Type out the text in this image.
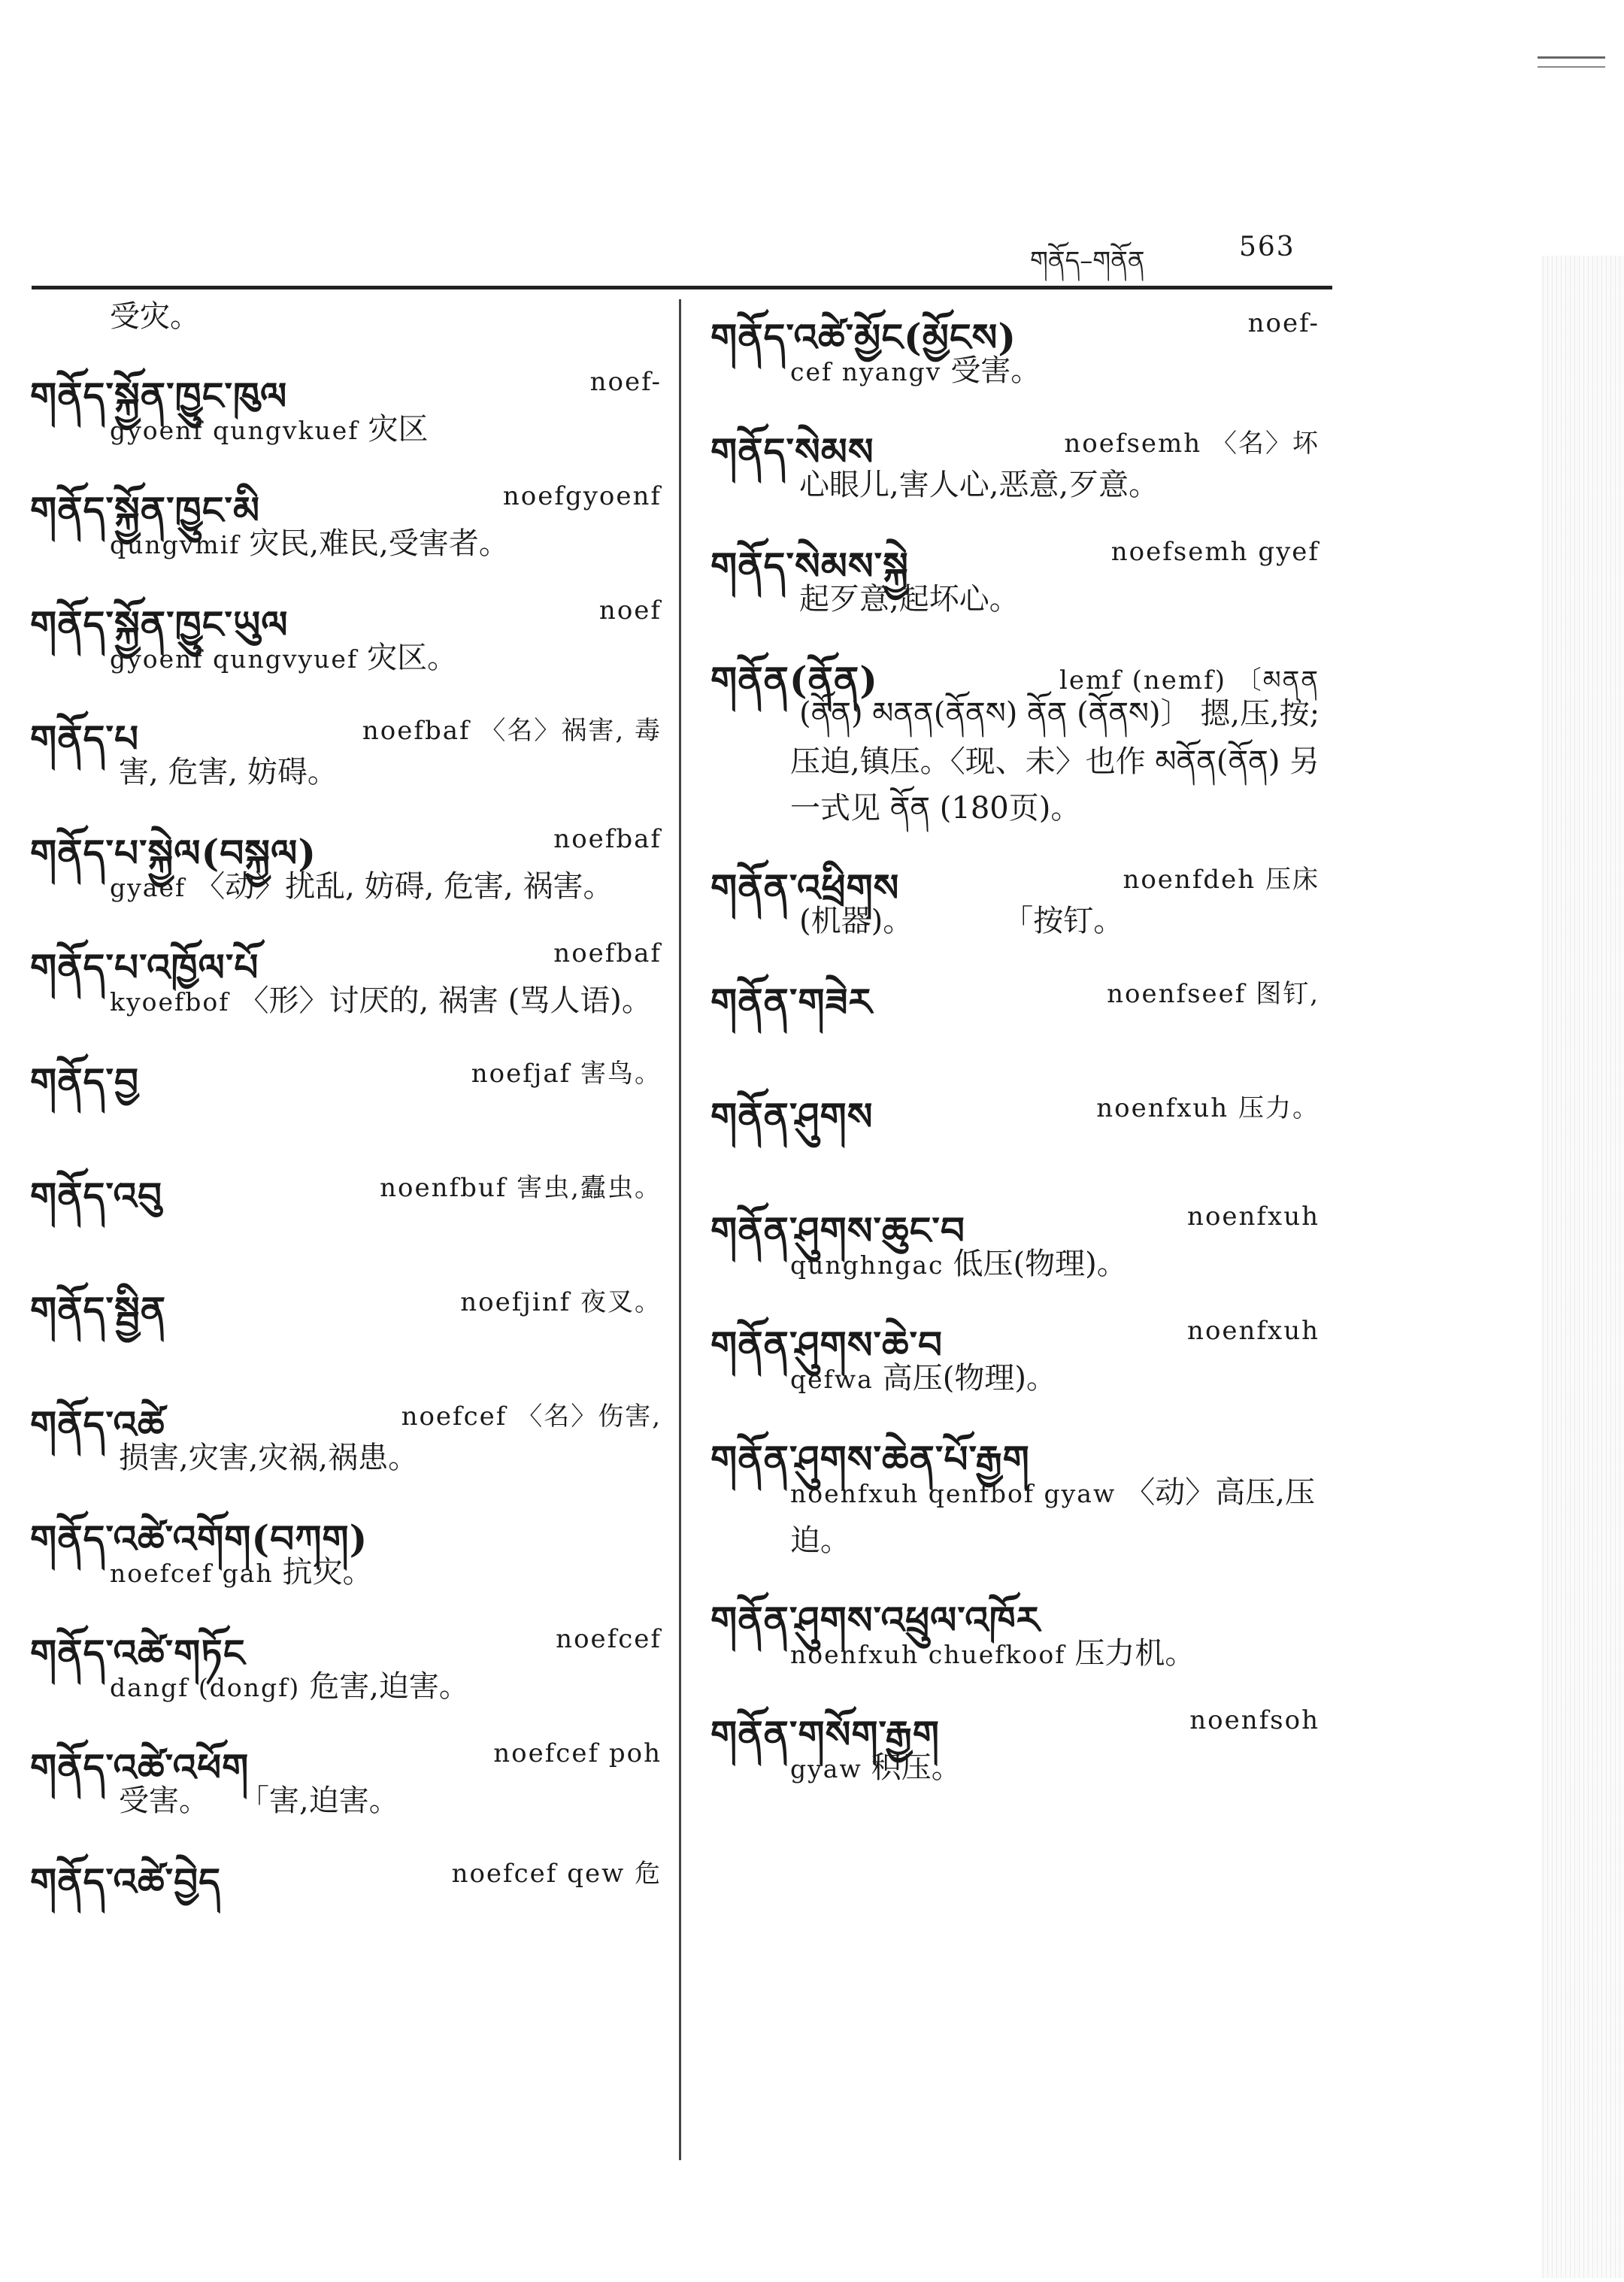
གནོད–གནོན	563
受灾。
གནོད་སྐྱོན་ཁྱུང་ཁུལ	noef-
gyoenf qungvkuef 灾区
གནོད་སྐྱོན་ཁྱུང་མི	noefgyoenf
qungvmif 灾民,难民,受害者。
གནོད་སྐྱོན་ཁྱུང་ཡུལ	noef
gyoenf qungvyuef 灾区。
གནོད་པ	noefbaf 〈名〉祸害, 毒
害, 危害, 妨碍。
གནོད་པ་སྐྱེལ(བསྐྱལ)	noefbaf
gyaef 〈动〉扰乱, 妨碍, 危害, 祸害。
གནོད་པ་འཁྱོལ་པོ	noefbaf
kyoefbof 〈形〉讨厌的, 祸害 (骂人语)。
གནོད་བྱ	noefjaf 害鸟。
གནོད་འབུ	noenfbuf 害虫,蠹虫。
གནོད་སྦྱིན	noefjinf 夜叉。
གནོད་འཚེ	noefcef 〈名〉伤害,
损害,灾害,灾祸,祸患。
གནོད་འཚེ་འགོག(བཀག)
noefcef gah 抗灾。
གནོད་འཚེ་གཏོང	noefcef
dangf (dongf) 危害,迫害。
གནོད་འཚེ་འཕོག	noefcef poh
受害。　　「害,迫害。
གནོད་འཚེ་བྱེད	noefcef qew 危
གནོད་འཚེ་མྱོང(མྱོངས)	noef-
cef nyangv 受害。
གནོད་སེམས	noefsemh 〈名〉坏
心眼儿,害人心,恶意,歹意。
གནོད་སེམས་སྐྱེ	noefsemh gyef
起歹意,起坏心。
གནོན(ནོན)	lemf (nemf) 〔མནན
(ནོན) མནན(ནོནས) ནོན (ནོནས)〕 摁,压,按;压迫,镇压。〈现、未〉也作 མནོན(ནོན) 另一式见 ནོན (180页)。
གནོན་འཕྲིགས	noenfdeh 压床
(机器)。　　　　「按钉。
གནོན་གཟེར	noenfseef 图钉,
གནོན་ཤུགས	noenfxuh 压力。
གནོན་ཤུགས་ཆུང་བ	noenfxuh
qunghngac 低压(物理)。
གནོན་ཤུགས་ཆེ་བ	noenfxuh
qefwa 高压(物理)。
གནོན་ཤུགས་ཆེན་པོ་རྒྱག
noenfxuh qenfbof gyaw 〈动〉高压,压迫。
གནོན་ཤུགས་འཕྲུལ་འཁོར
noenfxuh chuefkoof 压力机。
གནོན་གསོག་རྒྱག	noenfsoh
gyaw 积压。
